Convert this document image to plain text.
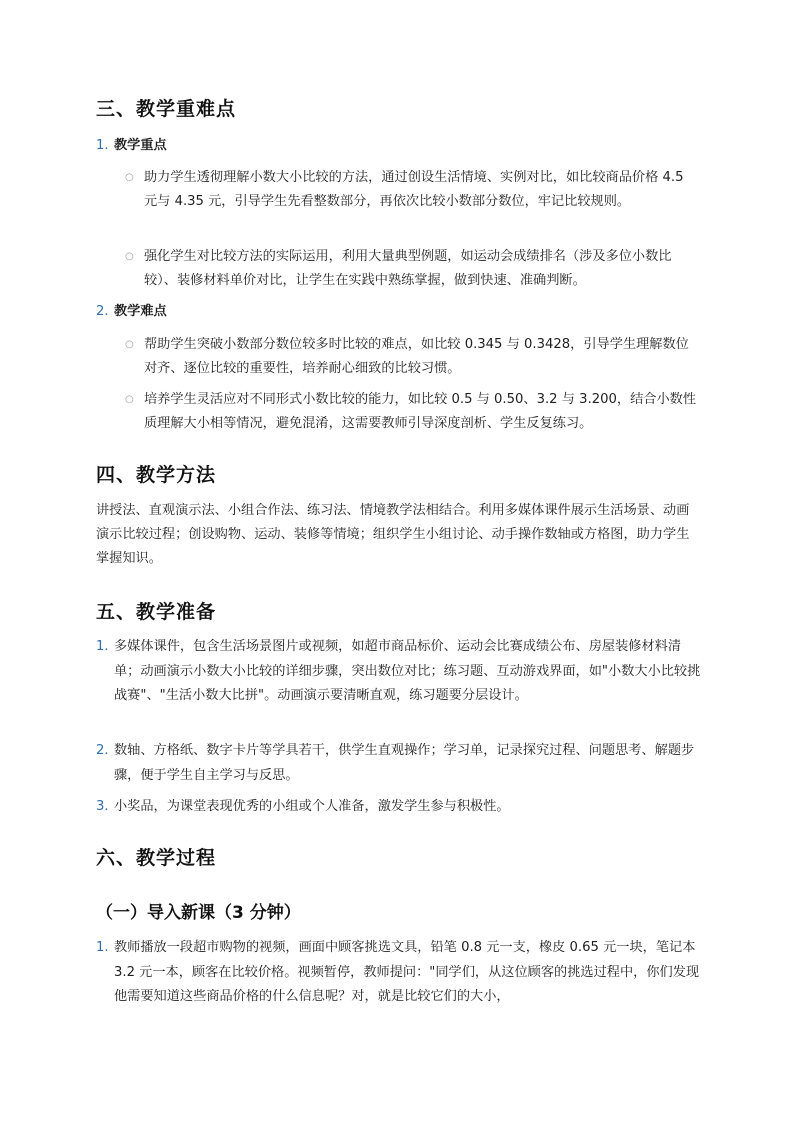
三、教学重难点
1. 教学重点
○ 助力学生透彻理解小数大小比较的方法，通过创设生活情境、实例对比，如比较商品价格 4.5 元与 4.35 元，引导学生先看整数部分，再依次比较小数部分数位，牢记比较规则。
○ 强化学生对比较方法的实际运用，利用大量典型例题，如运动会成绩排名（涉及多位小数比较）、装修材料单价对比，让学生在实践中熟练掌握，做到快速、准确判断。
2. 教学难点
○ 帮助学生突破小数部分数位较多时比较的难点，如比较 0.345 与 0.3428，引导学生理解数位对齐、逐位比较的重要性，培养耐心细致的比较习惯。
○ 培养学生灵活应对不同形式小数比较的能力，如比较 0.5 与 0.50、3.2 与 3.200，结合小数性质理解大小相等情况，避免混淆，这需要教师引导深度剖析、学生反复练习。
四、教学方法
讲授法、直观演示法、小组合作法、练习法、情境教学法相结合。利用多媒体课件展示生活场景、动画演示比较过程；创设购物、运动、装修等情境；组织学生小组讨论、动手操作数轴或方格图，助力学生掌握知识。
五、教学准备
1. 多媒体课件，包含生活场景图片或视频，如超市商品标价、运动会比赛成绩公布、房屋装修材料清单；动画演示小数大小比较的详细步骤，突出数位对比；练习题、互动游戏界面，如"小数大小比较挑战赛"、"生活小数大比拼"。动画演示要清晰直观，练习题要分层设计。
2. 数轴、方格纸、数字卡片等学具若干，供学生直观操作；学习单，记录探究过程、问题思考、解题步骤，便于学生自主学习与反思。
3. 小奖品，为课堂表现优秀的小组或个人准备，激发学生参与积极性。
六、教学过程
（一）导入新课（3 分钟）
1. 教师播放一段超市购物的视频，画面中顾客挑选文具，铅笔 0.8 元一支，橡皮 0.65 元一块，笔记本 3.2 元一本，顾客在比较价格。视频暂停，教师提问："同学们，从这位顾客的挑选过程中，你们发现他需要知道这些商品价格的什么信息呢？对，就是比较它们的大小，
